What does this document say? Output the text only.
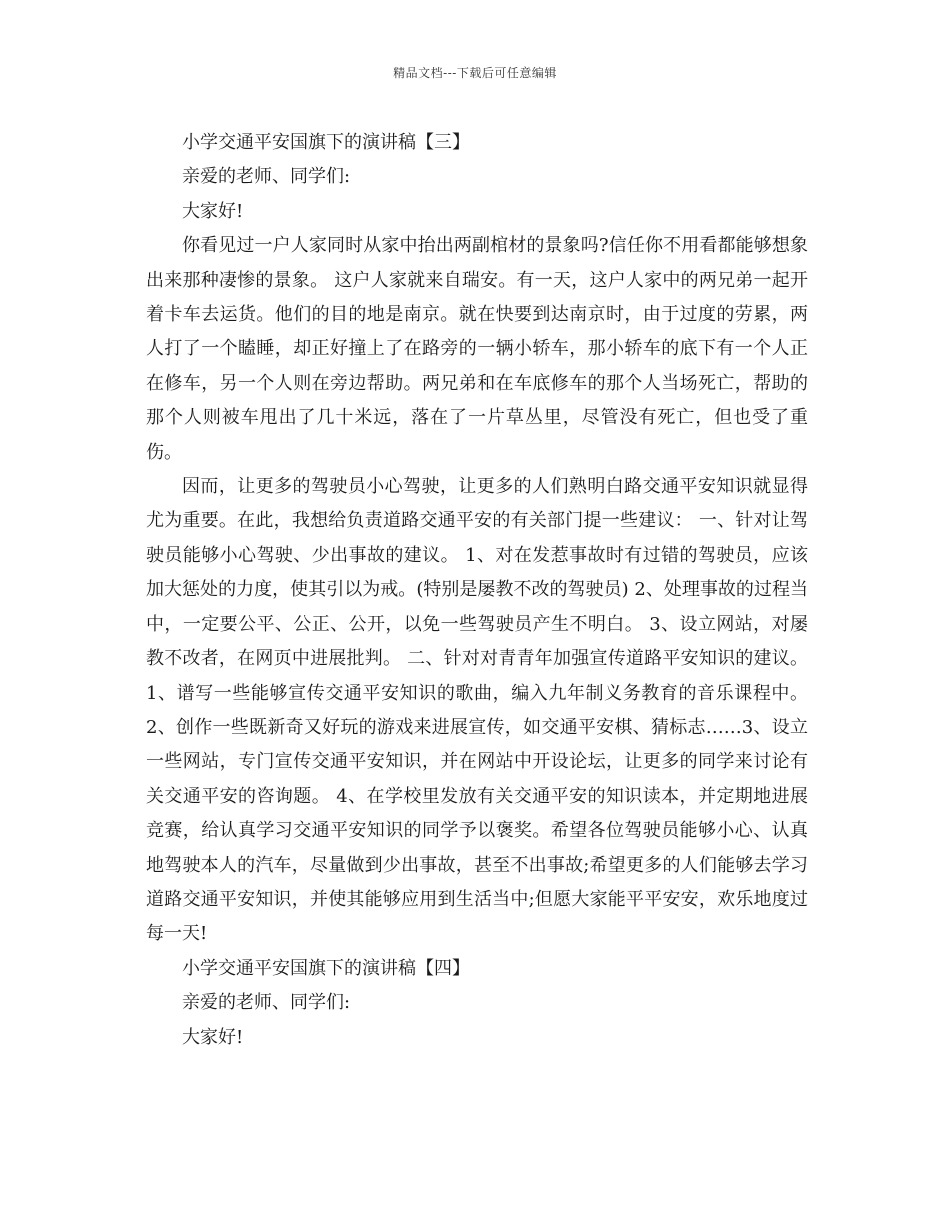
精品文档---下载后可任意编辑

小学交通平安国旗下的演讲稿【三】

亲爱的老师、同学们:

大家好!

你看见过一户人家同时从家中抬出两副棺材的景象吗?信任你不用看都能够想象出来那种凄惨的景象。 这户人家就来自瑞安。有一天，这户人家中的两兄弟一起开着卡车去运货。他们的目的地是南京。就在快要到达南京时，由于过度的劳累，两人打了一个瞌睡，却正好撞上了在路旁的一辆小轿车，那小轿车的底下有一个人正在修车，另一个人则在旁边帮助。两兄弟和在车底修车的那个人当场死亡，帮助的那个人则被车甩出了几十米远，落在了一片草丛里，尽管没有死亡，但也受了重伤。

因而，让更多的驾驶员小心驾驶，让更多的人们熟明白路交通平安知识就显得尤为重要。在此，我想给负责道路交通平安的有关部门提一些建议： 一、针对让驾驶员能够小心驾驶、少出事故的建议。 1、对在发惹事故时有过错的驾驶员，应该加大惩处的力度，使其引以为戒。(特别是屡教不改的驾驶员) 2、处理事故的过程当中，一定要公平、公正、公开，以免一些驾驶员产生不明白。 3、设立网站，对屡教不改者，在网页中进展批判。 二、针对对青青年加强宣传道路平安知识的建议。 1、谱写一些能够宣传交通平安知识的歌曲，编入九年制义务教育的音乐课程中。 2、创作一些既新奇又好玩的游戏来进展宣传，如交通平安棋、猜标志……3、设立一些网站，专门宣传交通平安知识，并在网站中开设论坛，让更多的同学来讨论有关交通平安的咨询题。 4、在学校里发放有关交通平安的知识读本，并定期地进展竞赛，给认真学习交通平安知识的同学予以褒奖。希望各位驾驶员能够小心、认真地驾驶本人的汽车，尽量做到少出事故，甚至不出事故;希望更多的人们能够去学习道路交通平安知识，并使其能够应用到生活当中;但愿大家能平平安安，欢乐地度过每一天!

小学交通平安国旗下的演讲稿【四】

亲爱的老师、同学们:

大家好!
